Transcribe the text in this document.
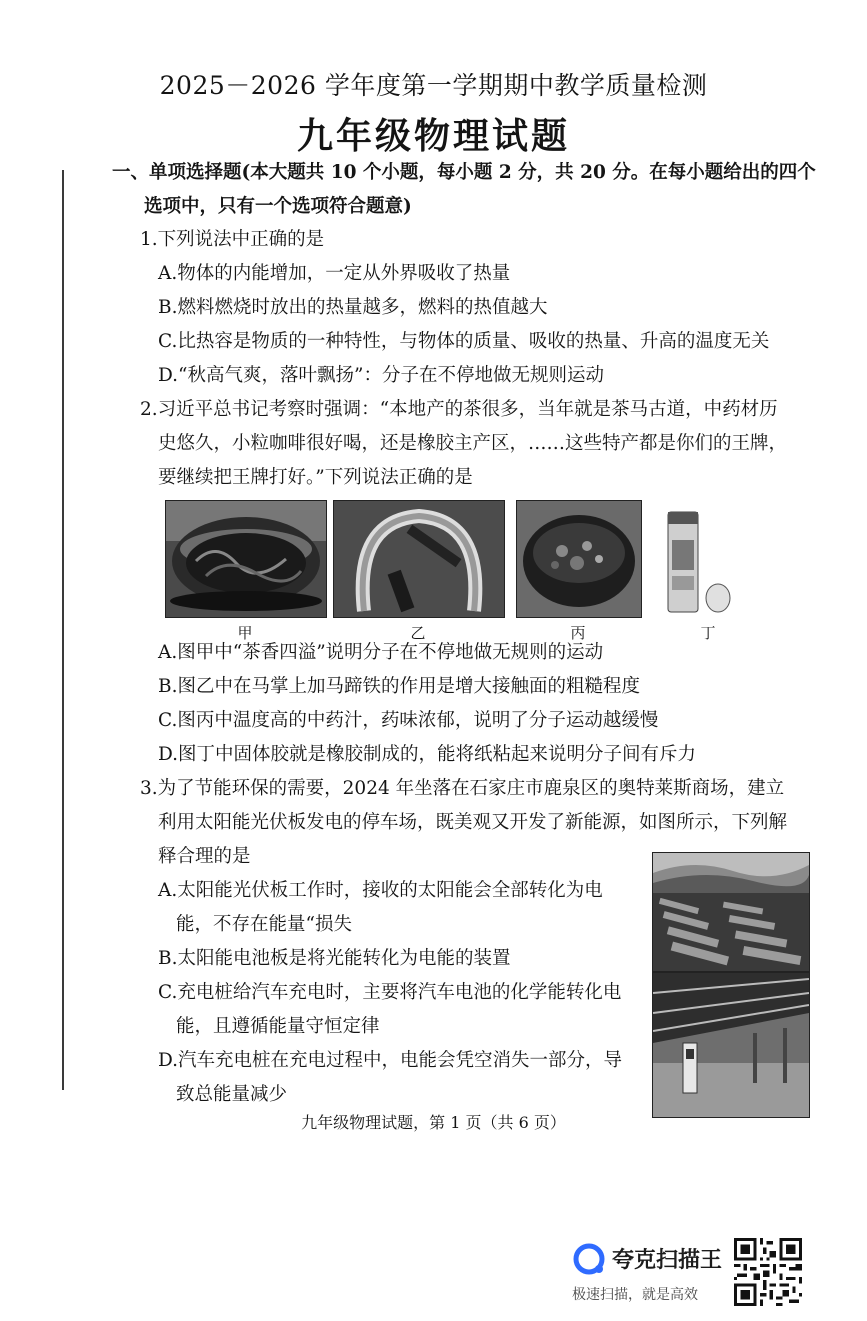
2025－2026 学年度第一学期期中教学质量检测
九年级物理试题
一、单项选择题(本大题共 10 个小题，每小题 2 分，共 20 分。在每小题给出的四个
选项中，只有一个选项符合题意)
1.下列说法中正确的是
A.物体的内能增加，一定从外界吸收了热量
B.燃料燃烧时放出的热量越多，燃料的热值越大
C.比热容是物质的一种特性，与物体的质量、吸收的热量、升高的温度无关
D.“秋高气爽，落叶飘扬”：分子在不停地做无规则运动
2.习近平总书记考察时强调：“本地产的茶很多，当年就是茶马古道，中药材历
史悠久，小粒咖啡很好喝，还是橡胶主产区，……这些特产都是你们的王牌，
要继续把王牌打好。”下列说法正确的是
甲	乙	丙	丁
A.图甲中“茶香四溢”说明分子在不停地做无规则的运动
B.图乙中在马掌上加马蹄铁的作用是增大接触面的粗糙程度
C.图丙中温度高的中药汁，药味浓郁，说明了分子运动越缓慢
D.图丁中固体胶就是橡胶制成的，能将纸粘起来说明分子间有斥力
3.为了节能环保的需要，2024 年坐落在石家庄市鹿泉区的奥特莱斯商场，建立
利用太阳能光伏板发电的停车场，既美观又开发了新能源，如图所示，下列解
释合理的是
A.太阳能光伏板工作时，接收的太阳能会全部转化为电
能，不存在能量“损失
B.太阳能电池板是将光能转化为电能的装置
C.充电桩给汽车充电时，主要将汽车电池的化学能转化电
能，且遵循能量守恒定律
D.汽车充电桩在充电过程中，电能会凭空消失一部分，导
致总能量减少
九年级物理试题，第 1 页（共 6 页）
夸克扫描王
极速扫描，就是高效
